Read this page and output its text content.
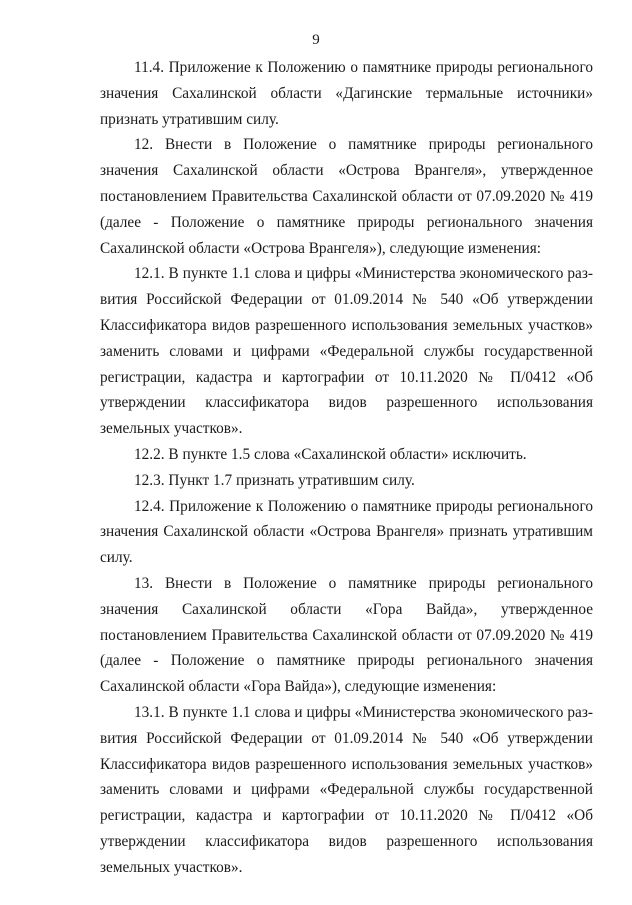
9

11.4. Приложение к Положению о памятнике природы регионального значения Сахалинской области «Дагинские термальные источники» признать утратившим силу.

12. Внести в Положение о памятнике природы регионального значения Сахалинской области «Острова Врангеля», утвержденное постановлением Правительства Сахалинской области от 07.09.2020 № 419 (далее - Положение о памятнике природы регионального значения Сахалинской области «Острова Врангеля»), следующие изменения:

12.1. В пункте 1.1 слова и цифры «Министерства экономического развития Российской Федерации от 01.09.2014 № 540 «Об утверждении Классификатора видов разрешенного использования земельных участков» заменить словами и цифрами «Федеральной службы государственной регистрации, кадастра и картографии от 10.11.2020 № П/0412 «Об утверждении классификатора видов разрешенного использования земельных участков».

12.2. В пункте 1.5 слова «Сахалинской области» исключить.

12.3. Пункт 1.7 признать утратившим силу.

12.4. Приложение к Положению о памятнике природы регионального значения Сахалинской области «Острова Врангеля» признать утратившим силу.

13. Внести в Положение о памятнике природы регионального значения Сахалинской области «Гора Вайда», утвержденное постановлением Правительства Сахалинской области от 07.09.2020 № 419 (далее - Положение о памятнике природы регионального значения Сахалинской области «Гора Вайда»), следующие изменения:

13.1. В пункте 1.1 слова и цифры «Министерства экономического развития Российской Федерации от 01.09.2014 № 540 «Об утверждении Классификатора видов разрешенного использования земельных участков» заменить словами и цифрами «Федеральной службы государственной регистрации, кадастра и картографии от 10.11.2020 № П/0412 «Об утверждении классификатора видов разрешенного использования земельных участков».
